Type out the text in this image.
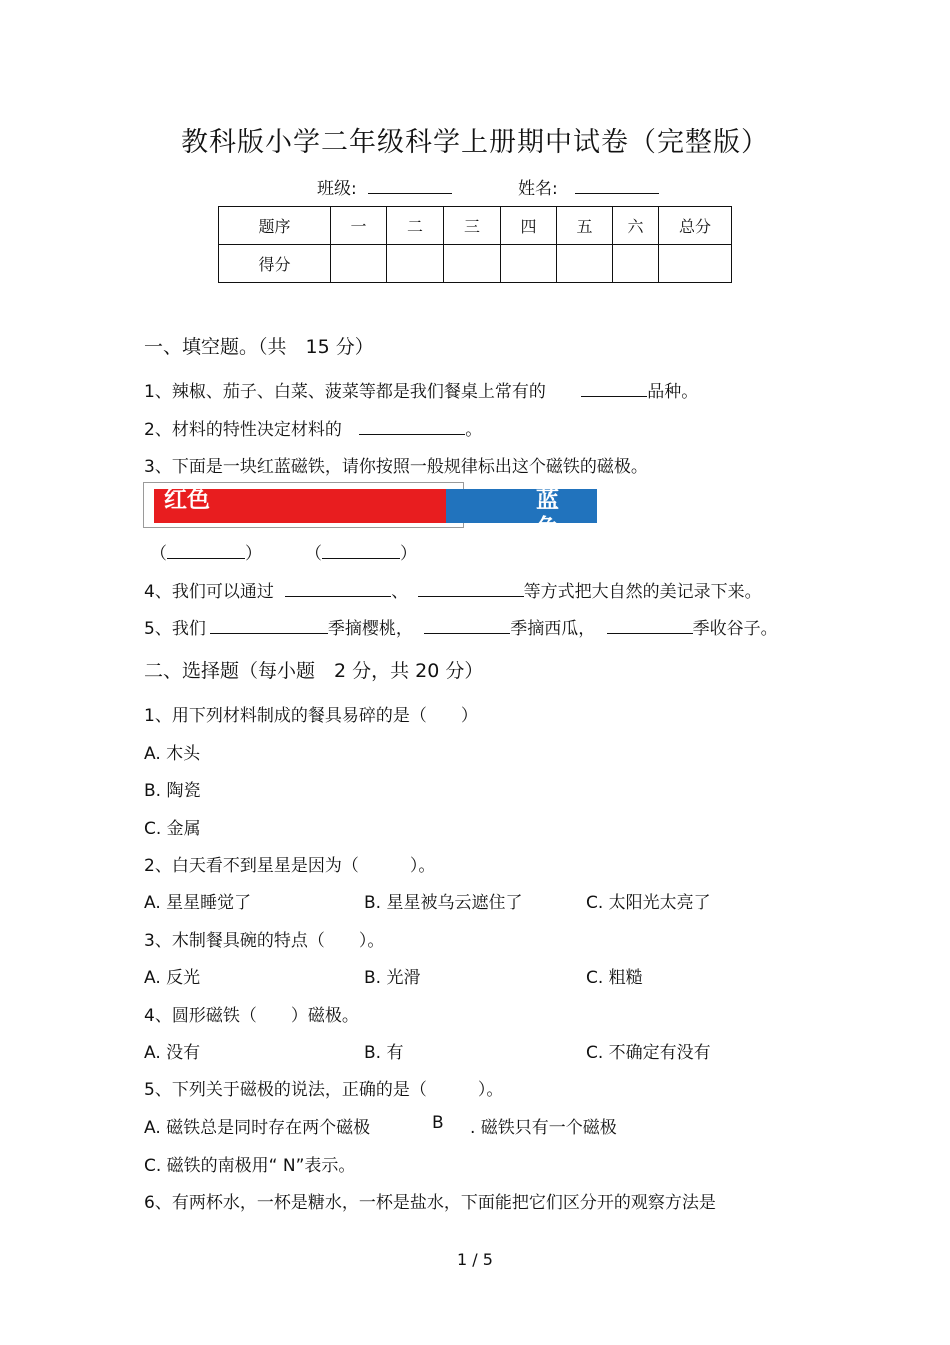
教科版小学二年级科学上册期中试卷（完整版）
班级:	姓名:
题序	一	二	三	四	五	六	总分
得分							
一、填空题。（共　15 分）
1、辣椒、茄子、白菜、菠菜等都是我们餐桌上常有的	品种。
2、材料的特性决定材料的	。
3、下面是一块红蓝磁铁，请你按照一般规律标出这个磁铁的磁极。
红色	蓝色
（	）	（	）
4、我们可以通过	、	等方式把大自然的美记录下来。
5、我们	季摘樱桃，	季摘西瓜，	季收谷子。
二、选择题（每小题　2 分，共 20 分）
1、用下列材料制成的餐具易碎的是（　　）
A. 木头
B. 陶瓷
C. 金属
2、白天看不到星星是因为（　　　）。
A. 星星睡觉了	B. 星星被乌云遮住了	C. 太阳光太亮了
3、木制餐具碗的特点（　　）。
A. 反光	B. 光滑	C. 粗糙
4、圆形磁铁（　　）磁极。
A. 没有	B. 有	C. 不确定有没有
5、下列关于磁极的说法，正确的是（　　　）。
A. 磁铁总是同时存在两个磁极	B . 磁铁只有一个磁极
C. 磁铁的南极用“ N”表示。
6、有两杯水，一杯是糖水，一杯是盐水，下面能把它们区分开的观察方法是
1 / 5
